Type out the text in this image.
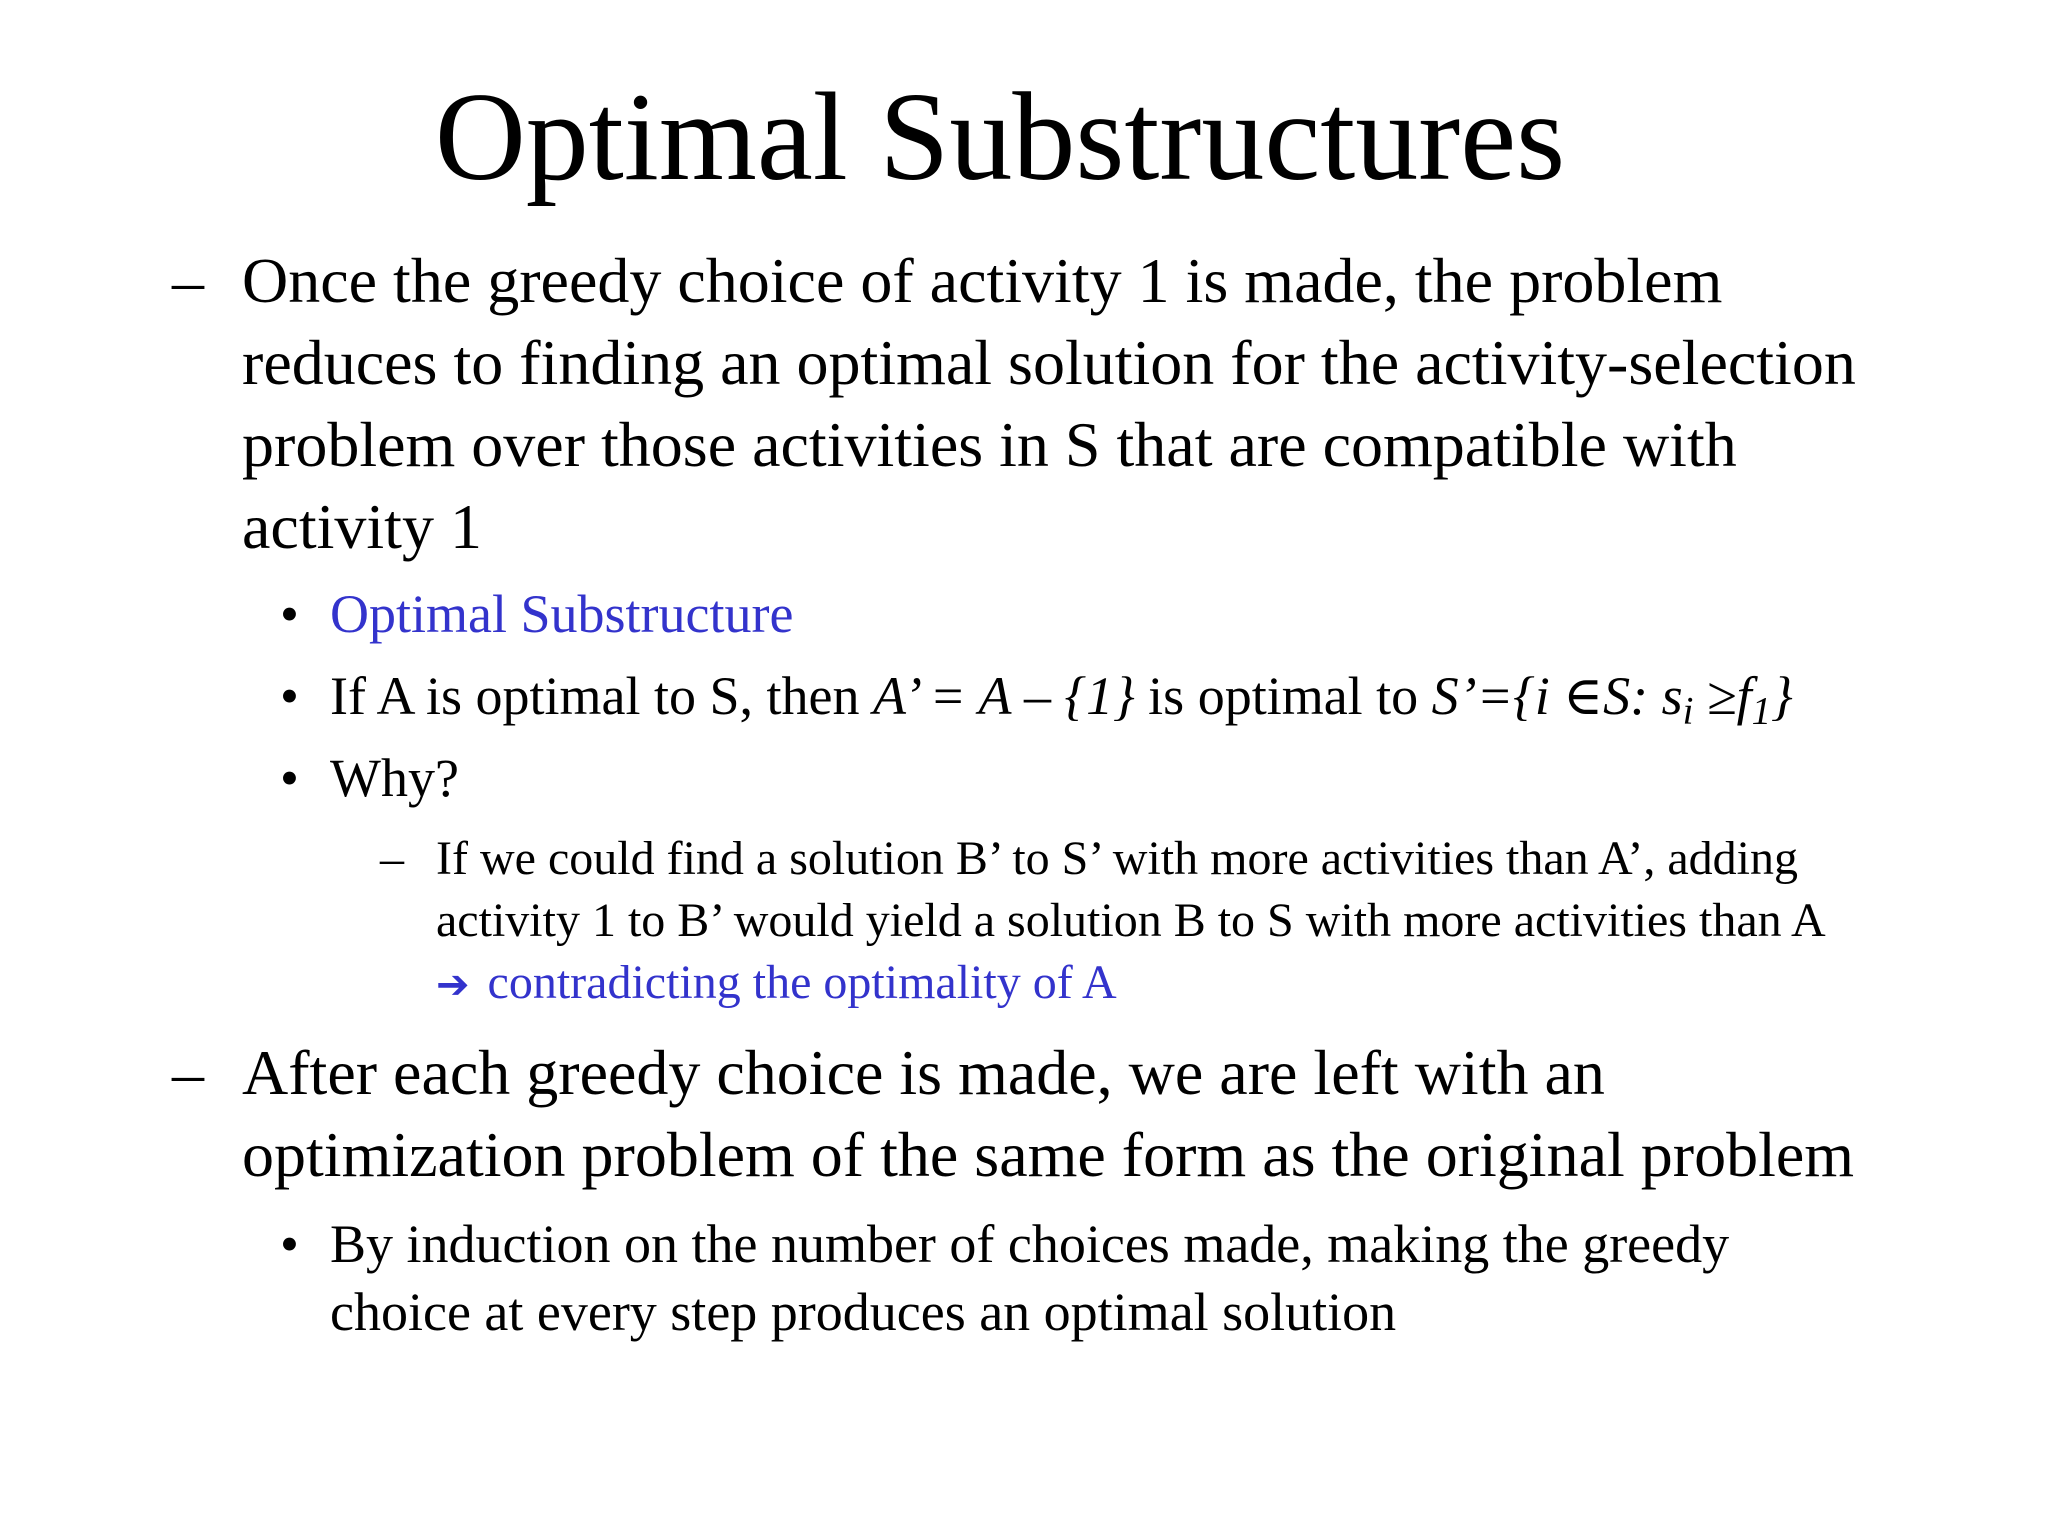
Optimal Substructures
– Once the greedy choice of activity 1 is made, the problem
reduces to finding an optimal solution for the activity-selection
problem over those activities in S that are compatible with
activity 1
• Optimal Substructure
• If A is optimal to S, then A’ = A – {1} is optimal to S’={i ∈S: $s_i \ge f_1$}
• Why?
– If we could find a solution B’ to S’ with more activities than A’, adding
activity 1 to B’ would yield a solution B to S with more activities than A
➔ contradicting the optimality of A
– After each greedy choice is made, we are left with an
optimization problem of the same form as the original problem
• By induction on the number of choices made, making the greedy
choice at every step produces an optimal solution
